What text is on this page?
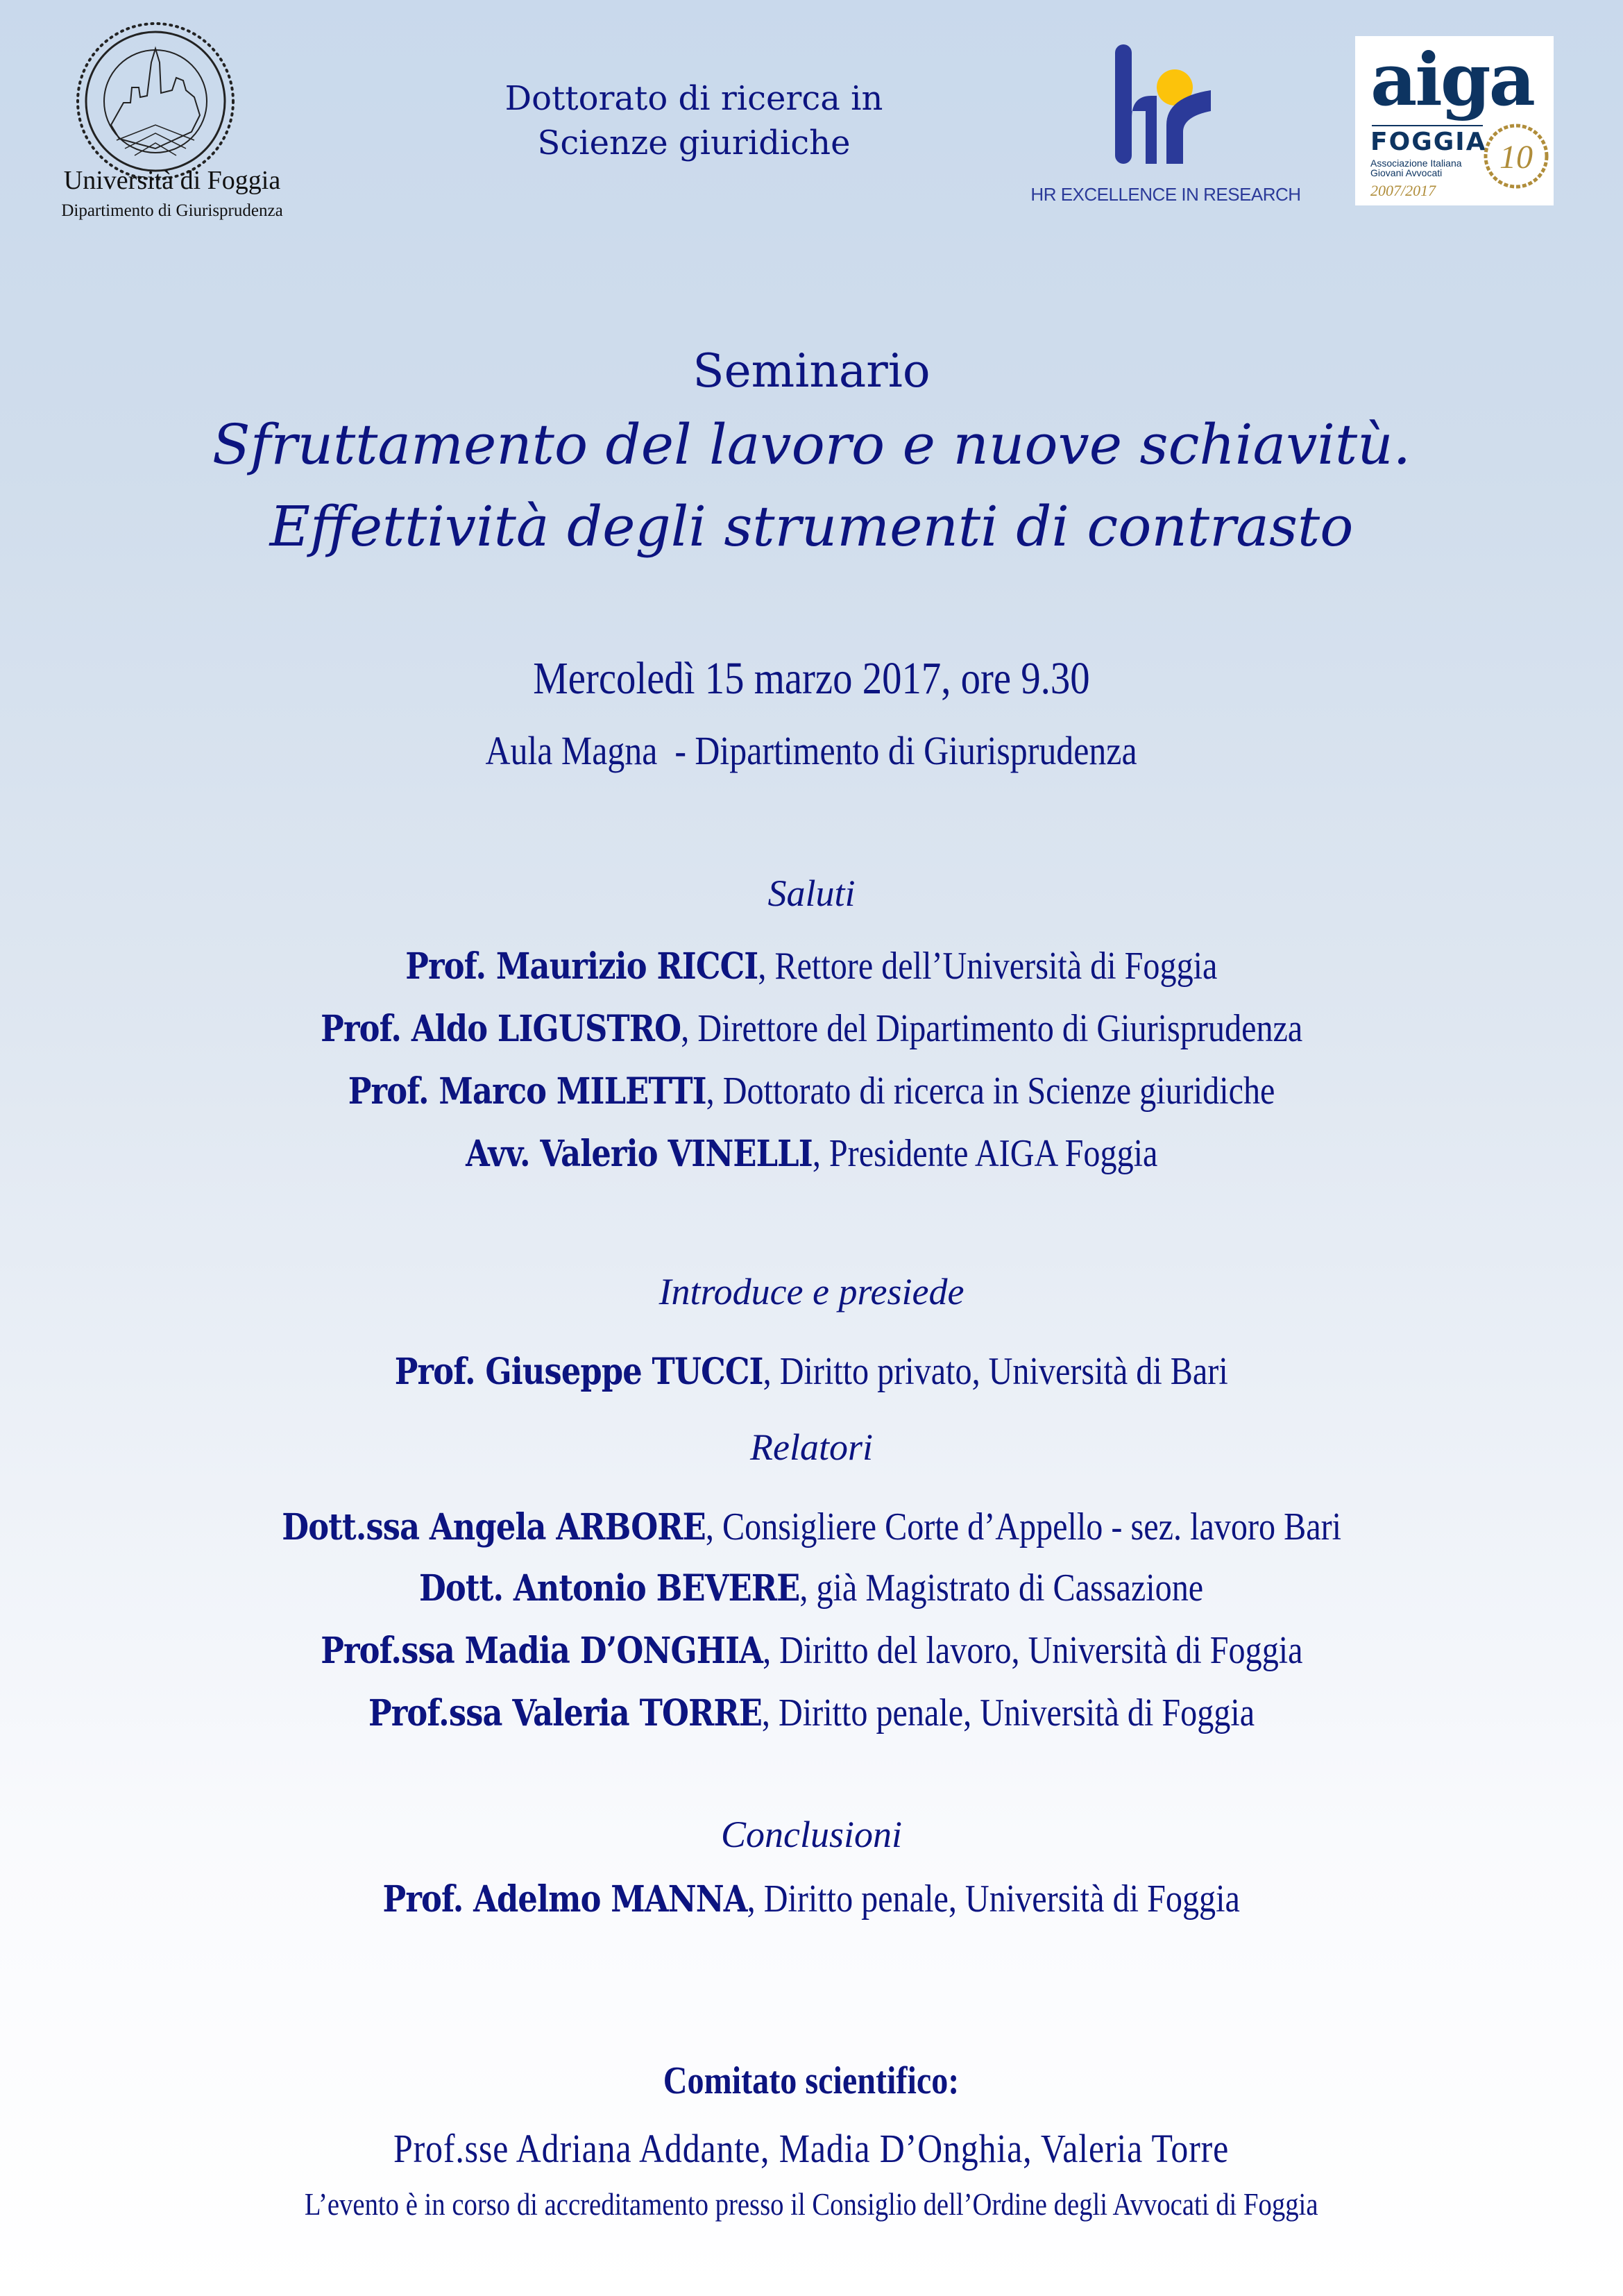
Università di Foggia
Dipartimento di Giurisprudenza
Dottorato di ricerca in
Scienze giuridiche
HR EXCELLENCE IN RESEARCH
aiga
FOGGIA
Associazione Italiana
Giovani Avvocati
2007/2017
10
Seminario
Sfruttamento del lavoro e nuove schiavitù.
Effettività degli strumenti di contrasto
Mercoledì 15 marzo 2017, ore 9.30
Aula Magna  - Dipartimento di Giurisprudenza
Saluti
Prof. Maurizio RICCI, Rettore dell’Università di Foggia
Prof. Aldo LIGUSTRO, Direttore del Dipartimento di Giurisprudenza
Prof. Marco MILETTI, Dottorato di ricerca in Scienze giuridiche
Avv. Valerio VINELLI, Presidente AIGA Foggia
Introduce e presiede
Prof. Giuseppe TUCCI, Diritto privato, Università di Bari
Relatori
Dott.ssa Angela ARBORE, Consigliere Corte d’Appello - sez. lavoro Bari
Dott. Antonio BEVERE, già Magistrato di Cassazione
Prof.ssa Madia D’ONGHIA, Diritto del lavoro, Università di Foggia
Prof.ssa Valeria TORRE, Diritto penale, Università di Foggia
Conclusioni
Prof. Adelmo MANNA, Diritto penale, Università di Foggia
Comitato scientifico:
Prof.sse Adriana Addante, Madia D’Onghia, Valeria Torre
L’evento è in corso di accreditamento presso il Consiglio dell’Ordine degli Avvocati di Foggia
